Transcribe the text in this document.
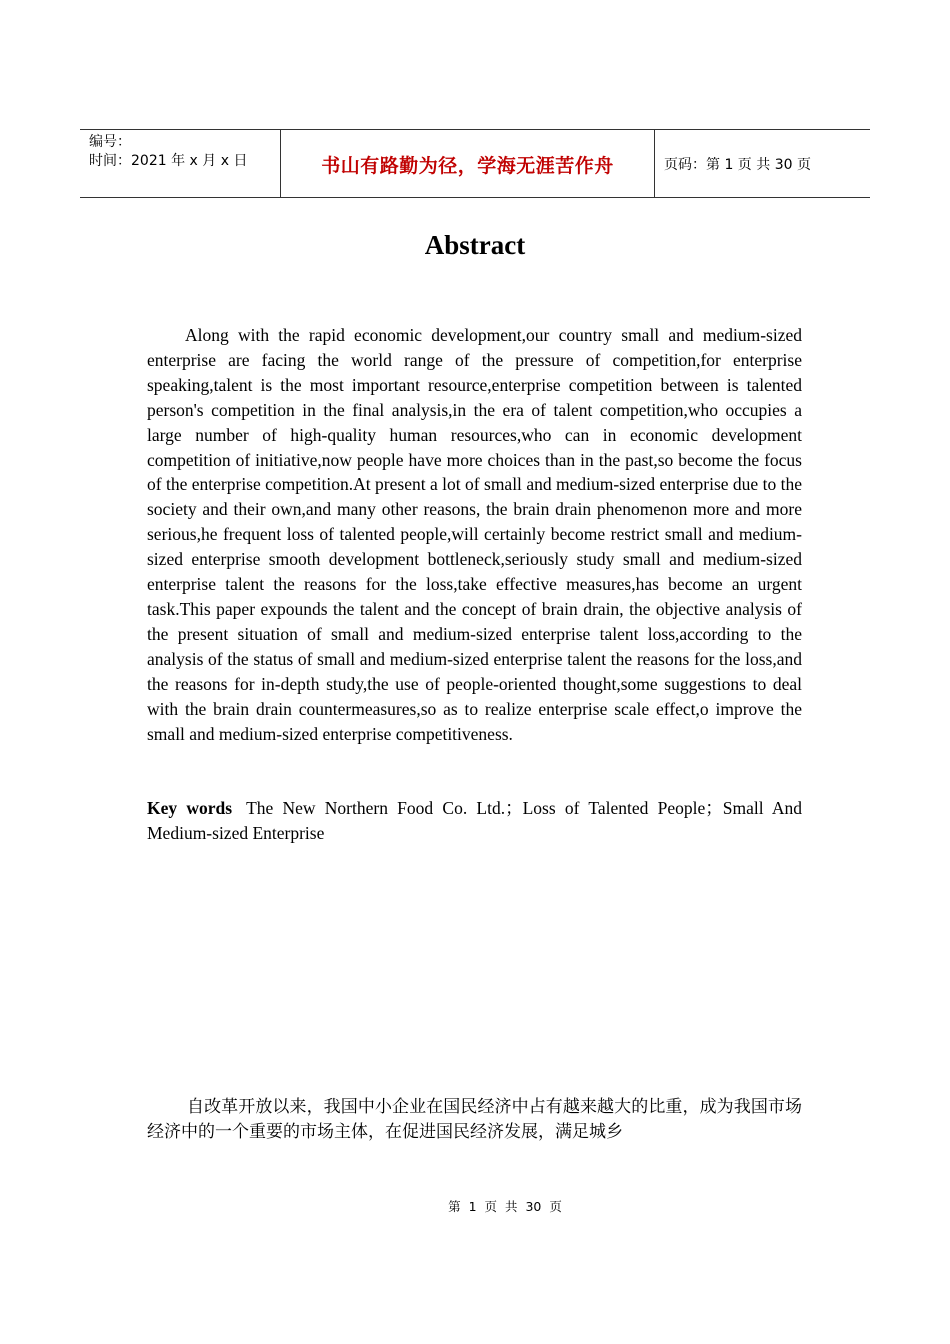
编号：
时间：2021 年 x 月 x 日	书山有路勤为径，学海无涯苦作舟	页码：第 1 页 共 30 页
Abstract

Along with the rapid economic development,our country small and medium-sized enterprise are facing the world range of the pressure of competition,for enterprise speaking,talent is the most important resource,enterprise competition between is talented person's competition in the final analysis,in the era of talent competition,who occupies a large number of high-quality human resources,who can in economic development competition of initiative,now people have more choices than in the past,so become the focus of the enterprise competition.At present a lot of small and medium-sized enterprise due to the society and their own,and many other reasons, the brain drain phenomenon more and more serious,he frequent loss of talented people,will certainly become restrict small and medium-sized enterprise smooth development bottleneck,seriously study small and medium-sized enterprise talent the reasons for the loss,take effective measures,has become an urgent task.This paper expounds the talent and the concept of brain drain, the objective analysis of the present situation of small and medium-sized enterprise talent loss,according to the analysis of the status of small and medium-sized enterprise talent the reasons for the loss,and the reasons for in-depth study,the use of people-oriented thought,some suggestions to deal with the brain drain countermeasures,so as to realize enterprise scale effect,o improve the small and medium-sized enterprise competitiveness.

Key words The New Northern Food Co. Ltd.；Loss of Talented People；Small And Medium-sized Enterprise

自改革开放以来，我国中小企业在国民经济中占有越来越大的比重，成为我国市场经济中的一个重要的市场主体，在促进国民经济发展，满足城乡

第 1 页 共 30 页
